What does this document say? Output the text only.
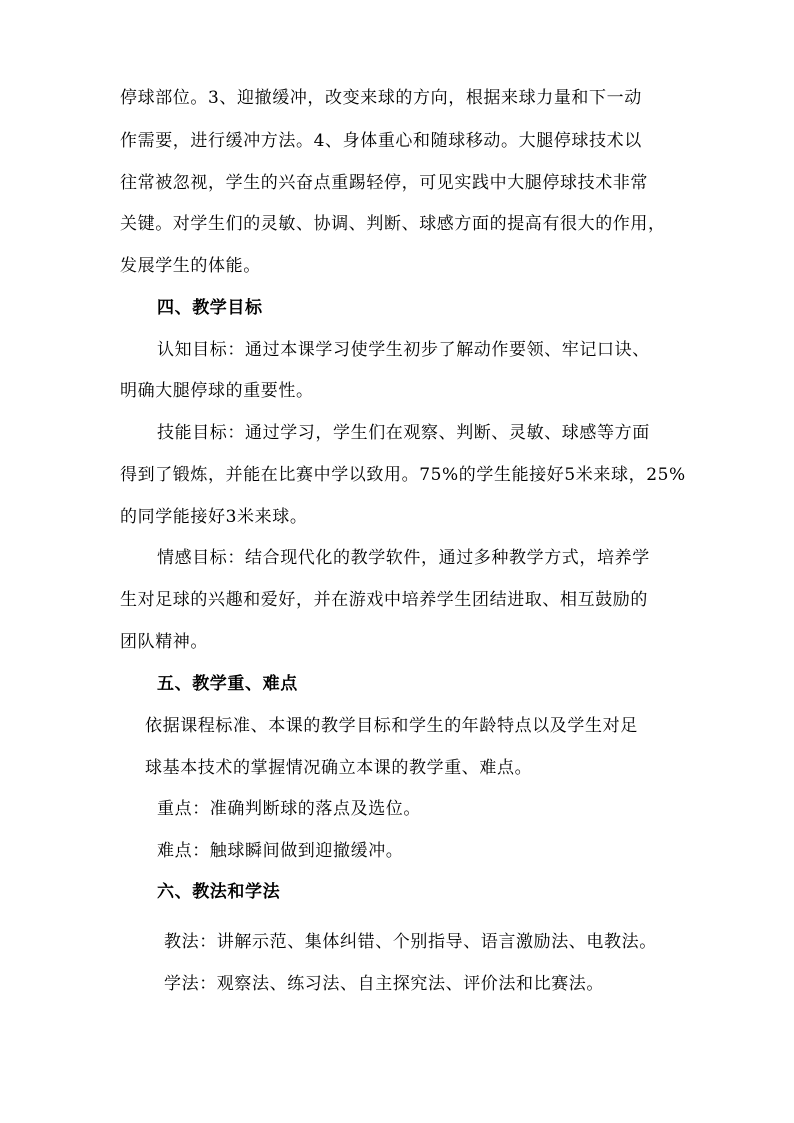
停球部位。3、迎撤缓冲，改变来球的方向，根据来球力量和下一动
作需要，进行缓冲方法。4、身体重心和随球移动。大腿停球技术以
往常被忽视，学生的兴奋点重踢轻停，可见实践中大腿停球技术非常
关键。对学生们的灵敏、协调、判断、球感方面的提高有很大的作用，
发展学生的体能。
四、教学目标
认知目标：通过本课学习使学生初步了解动作要领、牢记口诀、
明确大腿停球的重要性。
技能目标：通过学习，学生们在观察、判断、灵敏、球感等方面
得到了锻炼，并能在比赛中学以致用。75%的学生能接好5米来球，25%
的同学能接好3米来球。
情感目标：结合现代化的教学软件，通过多种教学方式，培养学
生对足球的兴趣和爱好，并在游戏中培养学生团结进取、相互鼓励的
团队精神。
五、教学重、难点
依据课程标准、本课的教学目标和学生的年龄特点以及学生对足
球基本技术的掌握情况确立本课的教学重、难点。
重点：准确判断球的落点及选位。
难点：触球瞬间做到迎撤缓冲。
六、教法和学法
教法：讲解示范、集体纠错、个别指导、语言激励法、电教法。
学法：观察法、练习法、自主探究法、评价法和比赛法。
